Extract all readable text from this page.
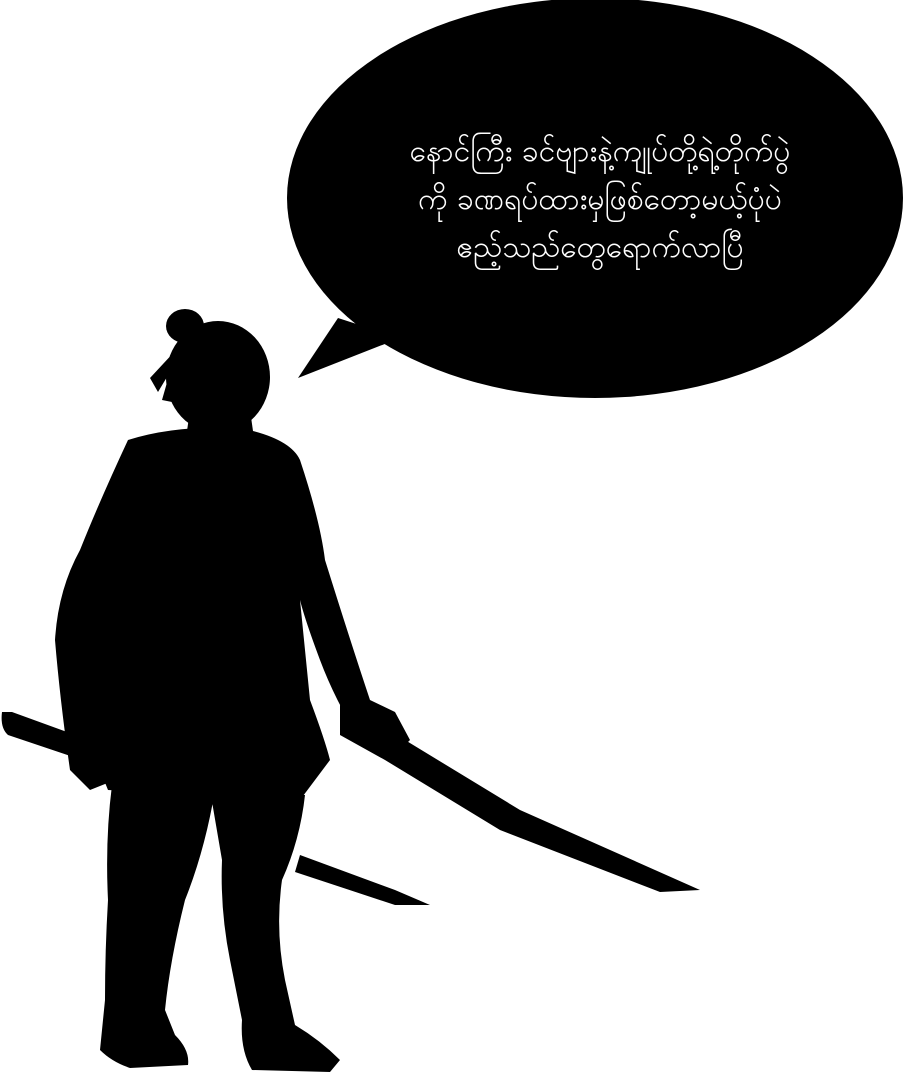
နောင်ကြီး ခင်ဗျားနဲ့ကျုပ်တို့ရဲ့တိုက်ပွဲ
ကို ခဏရပ်ထားမှဖြစ်တော့မယ့်ပုံပဲ
ဧည့်သည်တွေရောက်လာပြီ
